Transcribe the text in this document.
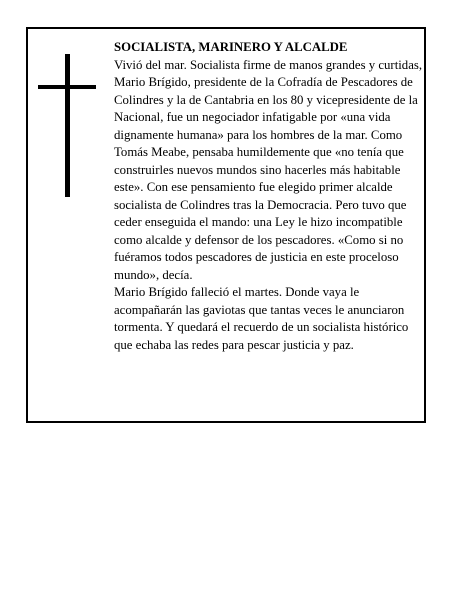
SOCIALISTA, MARINERO Y ALCALDE

Vivió del mar. Socialista firme de manos grandes y curtidas, Mario Brígido, presidente de la Cofradía de Pescadores de Colindres y la de Cantabria en los 80 y vicepresidente de la Nacional, fue un negociador infatigable por «una vida dignamente humana» para los hombres de la mar. Como Tomás Meabe, pensaba humildemente que «no tenía que construirles nuevos mundos sino hacerles más habitable este». Con ese pensamiento fue elegido primer alcalde socialista de Colindres tras la Democracia. Pero tuvo que ceder enseguida el mando: una Ley le hizo incompatible como alcalde y defensor de los pescadores. «Como si no fuéramos todos pescadores de justicia en este proceloso mundo», decía.

Mario Brígido falleció el martes. Donde vaya le acompañarán las gaviotas que tantas veces le anunciaron tormenta. Y quedará el recuerdo de un socialista histórico que echaba las redes para pescar justicia y paz.
